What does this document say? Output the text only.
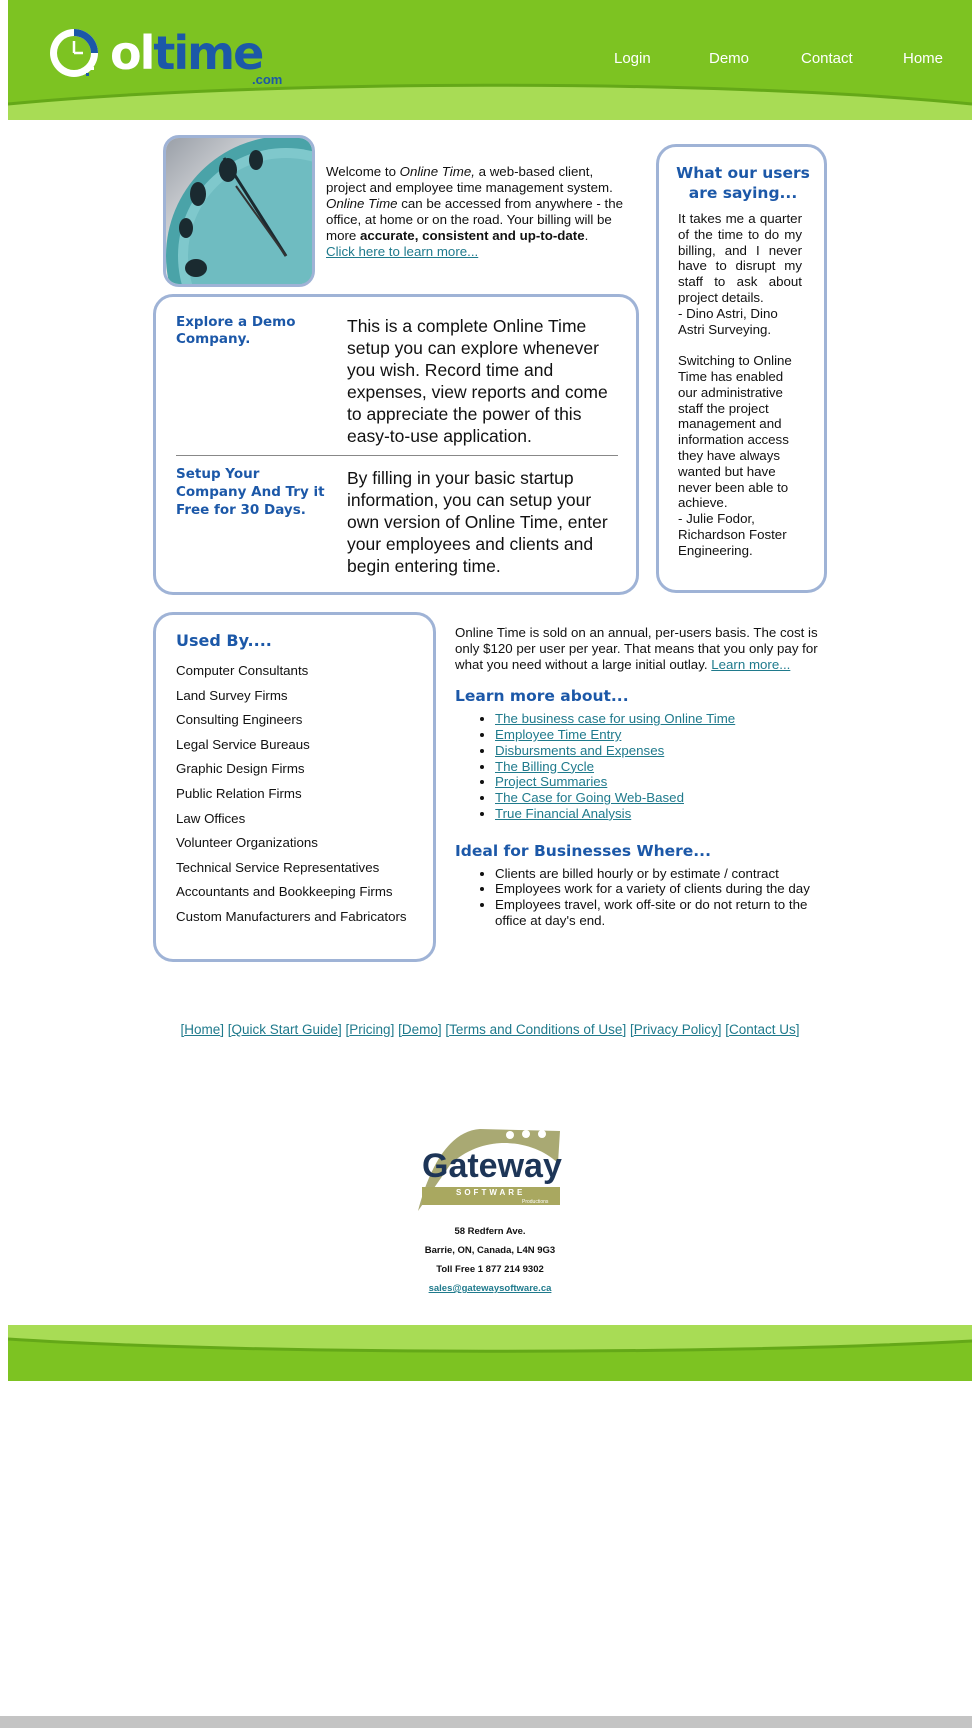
oltime
.com
Login	Demo	Contact	Home

Welcome to Online Time, a web-based client, project and employee time management system. Online Time can be accessed from anywhere - the office, at home or on the road. Your billing will be more accurate, consistent and up-to-date.
Click here to learn more...

Explore a Demo Company.
This is a complete Online Time setup you can explore whenever you wish. Record time and expenses, view reports and come to appreciate the power of this easy-to-use application.
Setup Your Company And Try it Free for 30 Days.
By filling in your basic startup information, you can setup your own version of Online Time, enter your employees and clients and begin entering time.
What our users are saying...

It takes me a quarter of the time to do my billing, and I never have to disrupt my staff to ask about project details.

- Dino Astri, Dino Astri Surveying.

Switching to Online Time has enabled our administrative staff the project management and information access they have always wanted but have never been able to achieve.

- Julie Fodor, Richardson Foster Engineering.

Used By....
Computer Consultants
Land Survey Firms
Consulting Engineers
Legal Service Bureaus
Graphic Design Firms
Public Relation Firms
Law Offices
Volunteer Organizations
Technical Service Representatives
Accountants and Bookkeeping Firms
Custom Manufacturers and Fabricators

Online Time is sold on an annual, per-users basis. The cost is only $120 per user per year. That means that you only pay for what you need without a large initial outlay. Learn more...

Learn more about...
• The business case for using Online Time
• Employee Time Entry
• Disbursments and Expenses
• The Billing Cycle
• Project Summaries
• The Case for Going Web-Based
• True Financial Analysis
Ideal for Businesses Where...
• Clients are billed hourly or by estimate / contract
• Employees work for a variety of clients during the day
• Employees travel, work off-site or do not return to the office at day's end.
[Home] [Quick Start Guide] [Pricing] [Demo] [Terms and Conditions of Use] [Privacy Policy] [Contact Us]
Gateway
SOFTWARE
Productions
58 Redfern Ave.
Barrie, ON, Canada, L4N 9G3
Toll Free 1 877 214 9302
sales@gatewaysoftware.ca
